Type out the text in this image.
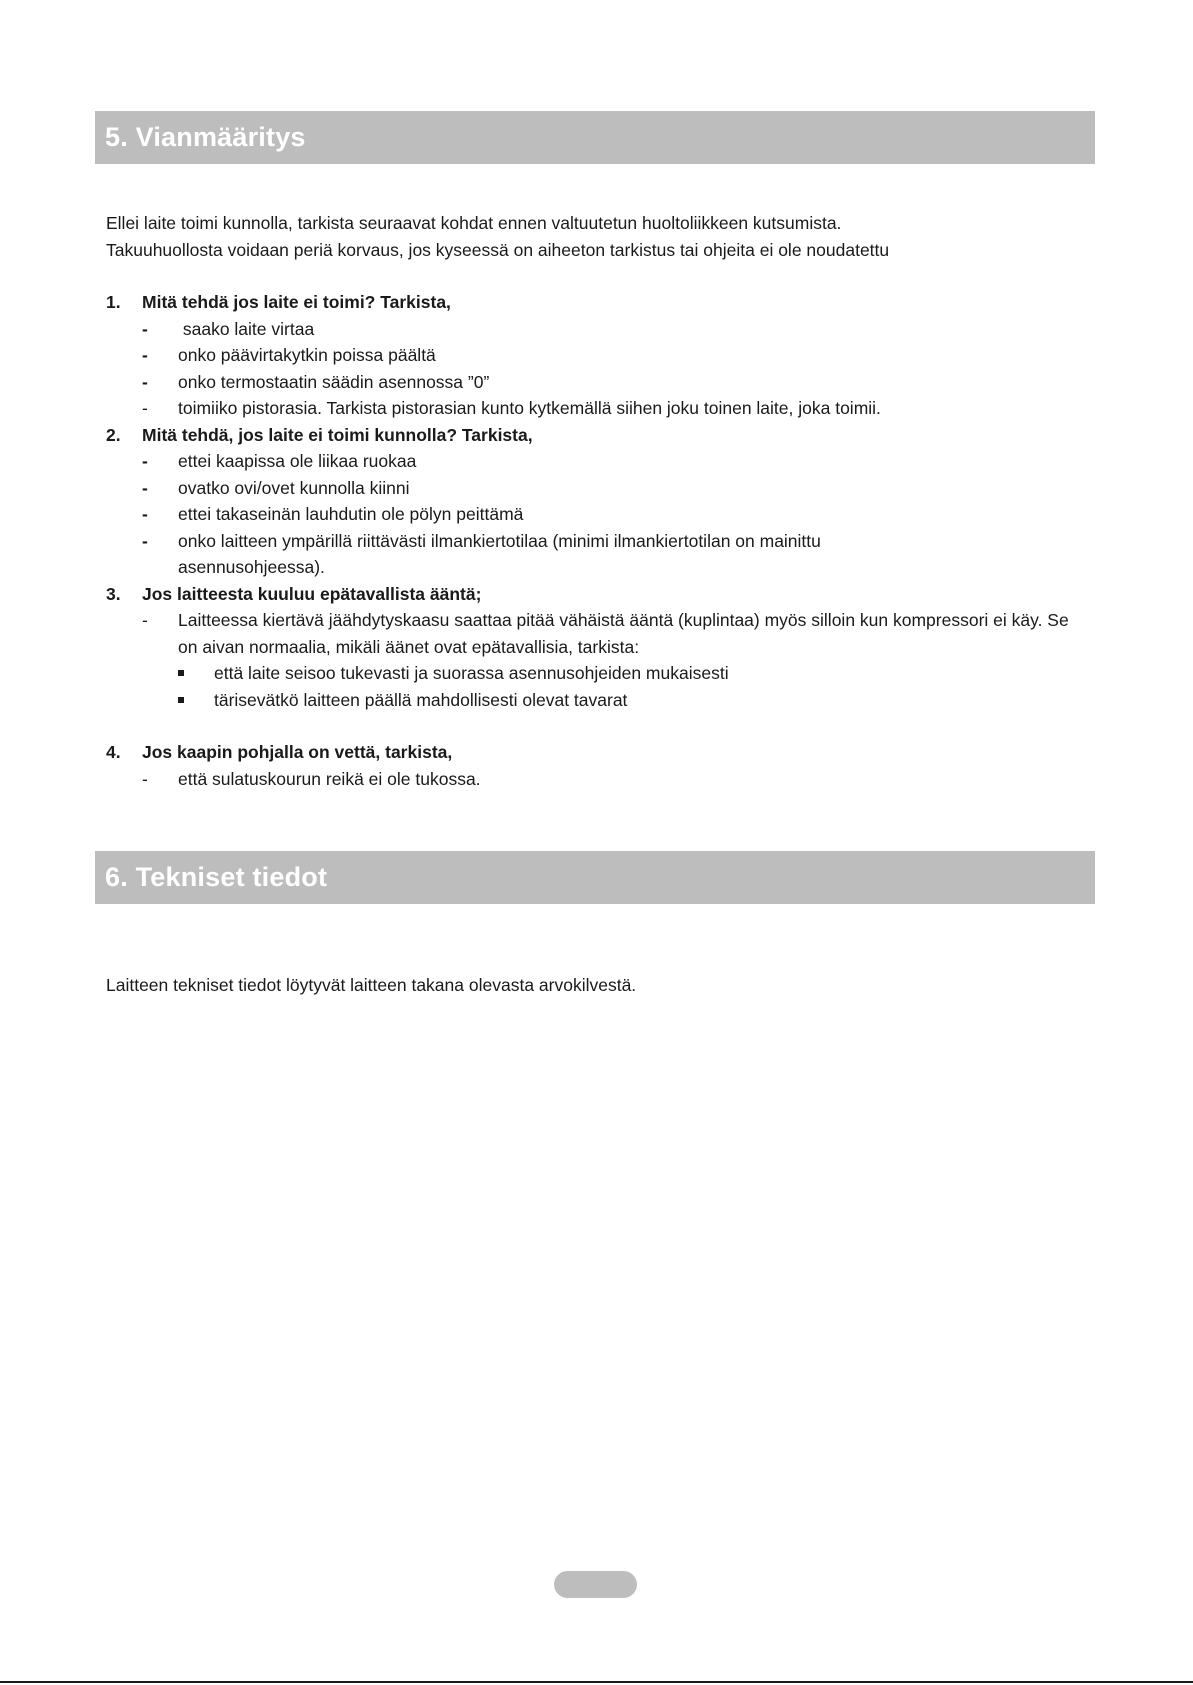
5. Vianmääritys
Ellei laite toimi kunnolla, tarkista seuraavat kohdat ennen valtuutetun huoltoliikkeen kutsumista.
Takuuhuollosta voidaan periä korvaus, jos kyseessä on aiheeton tarkistus tai ohjeita ei ole noudatettu
1.	Mitä tehdä jos laite ei toimi? Tarkista,
-	saako laite virtaa
-	onko päävirtakytkin poissa päältä
-	onko termostaatin säädin asennossa ”0”
-	toimiiko pistorasia. Tarkista pistorasian kunto kytkemällä siihen joku toinen laite, joka toimii.
2.	Mitä tehdä, jos laite ei toimi kunnolla? Tarkista,
-	ettei kaapissa ole liikaa ruokaa
-	ovatko ovi/ovet kunnolla kiinni
-	ettei takaseinän lauhdutin ole pölyn peittämä
-	onko laitteen ympärillä riittävästi ilmankiertotilaa (minimi ilmankiertotilan on mainittu asennusohjeessa).
3.	Jos laitteesta kuuluu epätavallista ääntä;
-	Laitteessa kiertävä jäähdytyskaasu saattaa pitää vähäistä ääntä (kuplintaa) myös silloin kun kompressori ei käy. Se on aivan normaalia, mikäli äänet ovat epätavallisia, tarkista:
että laite seisoo tukevasti ja suorassa asennusohjeiden mukaisesti
tärisevätkö laitteen päällä mahdollisesti olevat tavarat
4.	Jos kaapin pohjalla on vettä, tarkista,
-	että sulatuskourun reikä ei ole tukossa.
6. Tekniset tiedot
Laitteen tekniset tiedot löytyvät laitteen takana olevasta arvokilvestä.
